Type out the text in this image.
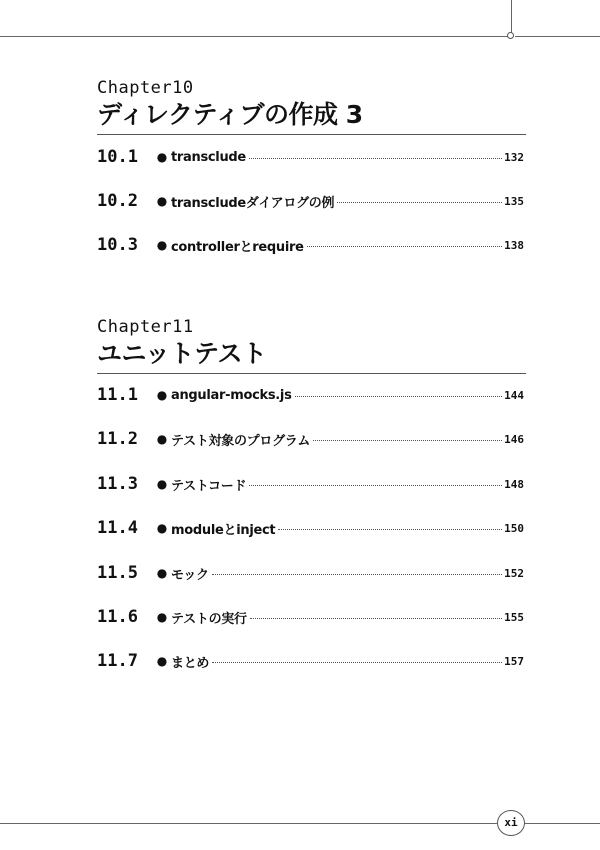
Chapter10
ディレクティブの作成 3
10.1	● transclude	132
10.2	● transcludeダイアログの例	135
10.3	● controllerとrequire	138
Chapter11
ユニットテスト
11.1	● angular-mocks.js	144
11.2	● テスト対象のプログラム	146
11.3	● テストコード	148
11.4	● moduleとinject	150
11.5	● モック	152
11.6	● テストの実行	155
11.7	● まとめ	157
xi
